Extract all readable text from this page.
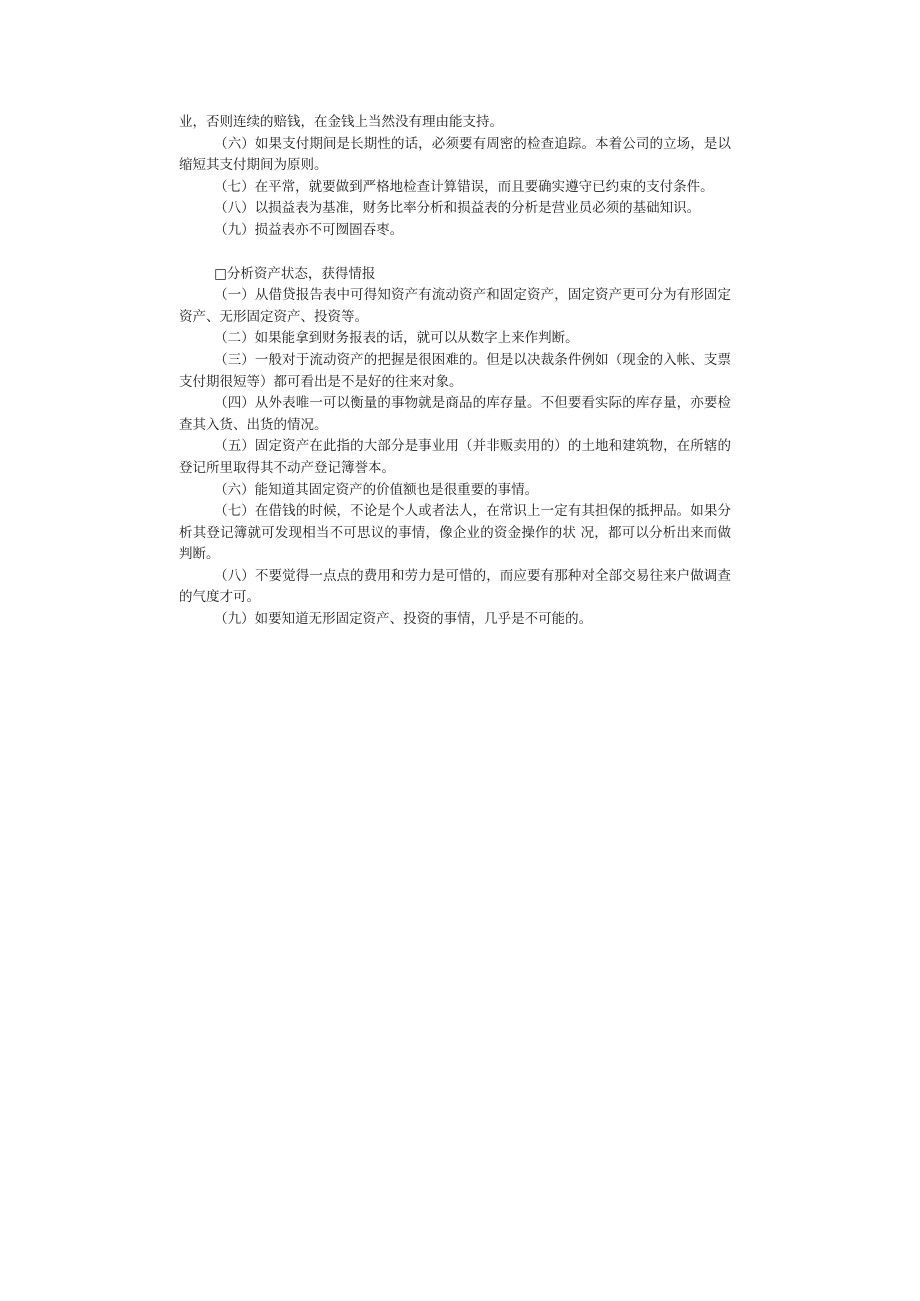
业，否则连续的赔钱，在金钱上当然没有理由能支持。

（六）如果支付期间是长期性的话，必须要有周密的检查追踪。本着公司的立场，是以缩短其支付期间为原则。

（七）在平常，就要做到严格地检查计算错误，而且要确实遵守已约束的支付条件。

（八）以损益表为基准，财务比率分析和损益表的分析是营业员必须的基础知识。

（九）损益表亦不可囫圄吞枣。

□分析资产状态，获得情报

（一）从借贷报告表中可得知资产有流动资产和固定资产，固定资产更可分为有形固定资产、无形固定资产、投资等。

（二）如果能拿到财务报表的话，就可以从数字上来作判断。

（三）一般对于流动资产的把握是很困难的。但是以决裁条件例如（现金的入帐、支票支付期很短等）都可看出是不是好的往来对象。

（四）从外表唯一可以衡量的事物就是商品的库存量。不但要看实际的库存量，亦要检查其入货、出货的情况。

（五）固定资产在此指的大部分是事业用（并非贩卖用的）的土地和建筑物，在所辖的登记所里取得其不动产登记簿誉本。

（六）能知道其固定资产的价值额也是很重要的事情。

（七）在借钱的时候，不论是个人或者法人，在常识上一定有其担保的抵押品。如果分析其登记簿就可发现相当不可思议的事情，像企业的资金操作的状 况，都可以分析出来而做判断。

（八）不要觉得一点点的费用和劳力是可惜的，而应要有那种对全部交易往来户做调查的气度才可。

（九）如要知道无形固定资产、投资的事情，几乎是不可能的。
